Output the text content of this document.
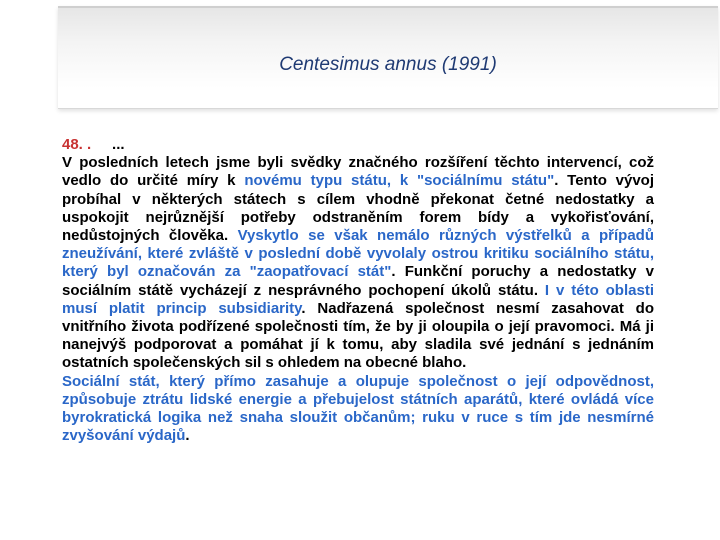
Centesimus annus (1991)

48. . ...

V posledních letech jsme byli svědky značného rozšíření těchto intervencí, což vedlo do určité míry k novému typu státu, k "sociálnímu státu". Tento vývoj probíhal v některých státech s cílem vhodně překonat četné nedostatky a uspokojit nejrůznější potřeby odstraněním forem bídy a vykořisťování, nedůstojných člověka. Vyskytlo se však nemálo různých výstřelků a případů zneužívání, které zvláště v poslední době vyvolaly ostrou kritiku sociálního státu, který byl označován za "zaopatřovací stát". Funkční poruchy a nedostatky v sociálním státě vycházejí z nesprávného pochopení úkolů státu. I v této oblasti musí platit princip subsidiarity. Nadřazená společnost nesmí zasahovat do vnitřního života podřízené společnosti tím, že by ji oloupila o její pravomoci. Má ji nanejvýš podporovat a pomáhat jí k tomu, aby sladila své jednání s jednáním ostatních společenských sil s ohledem na obecné blaho.

Sociální stát, který přímo zasahuje a olupuje společnost o její odpovědnost, způsobuje ztrátu lidské energie a přebujelost státních aparátů, které ovládá více byrokratická logika než snaha sloužit občanům; ruku v ruce s tím jde nesmírné zvyšování výdajů.
